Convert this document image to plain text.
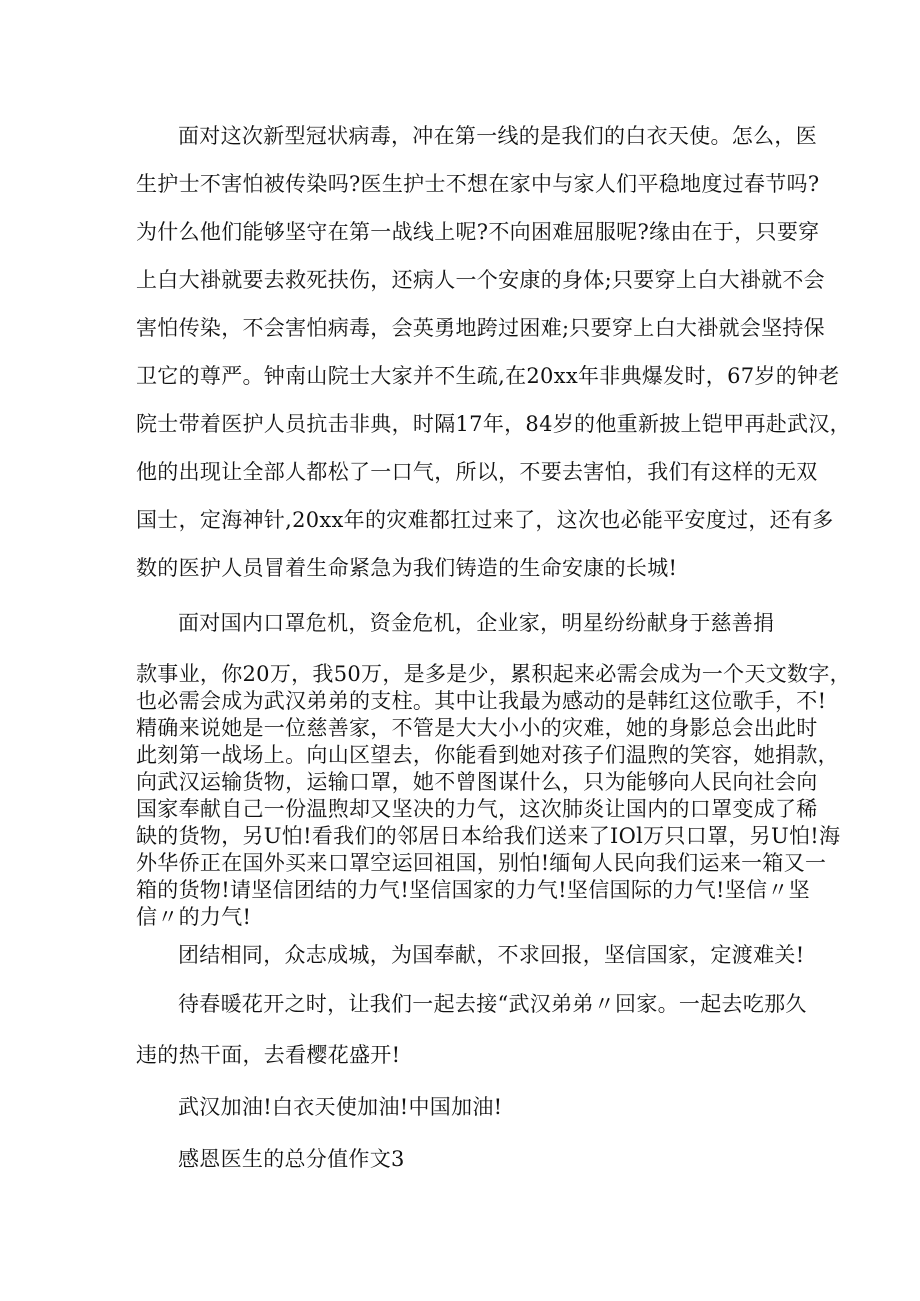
面对这次新型冠状病毒，冲在第一线的是我们的白衣天使。怎么，医
生护士不害怕被传染吗?医生护士不想在家中与家人们平稳地度过春节吗?
为什么他们能够坚守在第一战线上呢?不向困难屈服呢?缘由在于，只要穿
上白大褂就要去救死扶伤，还病人一个安康的身体;只要穿上白大褂就不会
害怕传染，不会害怕病毒，会英勇地跨过困难;只要穿上白大褂就会坚持保
卫它的尊严。钟南山院士大家并不生疏,在20xx年非典爆发时，67岁的钟老
院士带着医护人员抗击非典，时隔17年，84岁的他重新披上铠甲再赴武汉，
他的出现让全部人都松了一口气，所以，不要去害怕，我们有这样的无双
国士，定海神针,20xx年的灾难都扛过来了，这次也必能平安度过，还有多
数的医护人员冒着生命紧急为我们铸造的生命安康的长城!
面对国内口罩危机，资金危机，企业家，明星纷纷献身于慈善捐
款事业，你20万，我50万，是多是少，累积起来必需会成为一个天文数字，
也必需会成为武汉弟弟的支柱。其中让我最为感动的是韩红这位歌手，不!
精确来说她是一位慈善家，不管是大大小小的灾难，她的身影总会出此时
此刻第一战场上。向山区望去，你能看到她对孩子们温煦的笑容，她捐款，
向武汉运输货物，运输口罩，她不曾图谋什么，只为能够向人民向社会向
国家奉献自己一份温煦却又坚决的力气，这次肺炎让国内的口罩变成了稀
缺的货物，另U怕!看我们的邻居日本给我们送来了IOl万只口罩，另U怕!海
外华侨正在国外买来口罩空运回祖国，别怕!缅甸人民向我们运来一箱又一
箱的货物!请坚信团结的力气!坚信国家的力气!坚信国际的力气!坚信〃坚
信〃的力气!
团结相同，众志成城，为国奉献，不求回报，坚信国家，定渡难关!
待春暖花开之时，让我们一起去接“武汉弟弟〃回家。一起去吃那久
违的热干面，去看樱花盛开!
武汉加油!白衣天使加油!中国加油!
感恩医生的总分值作文3
